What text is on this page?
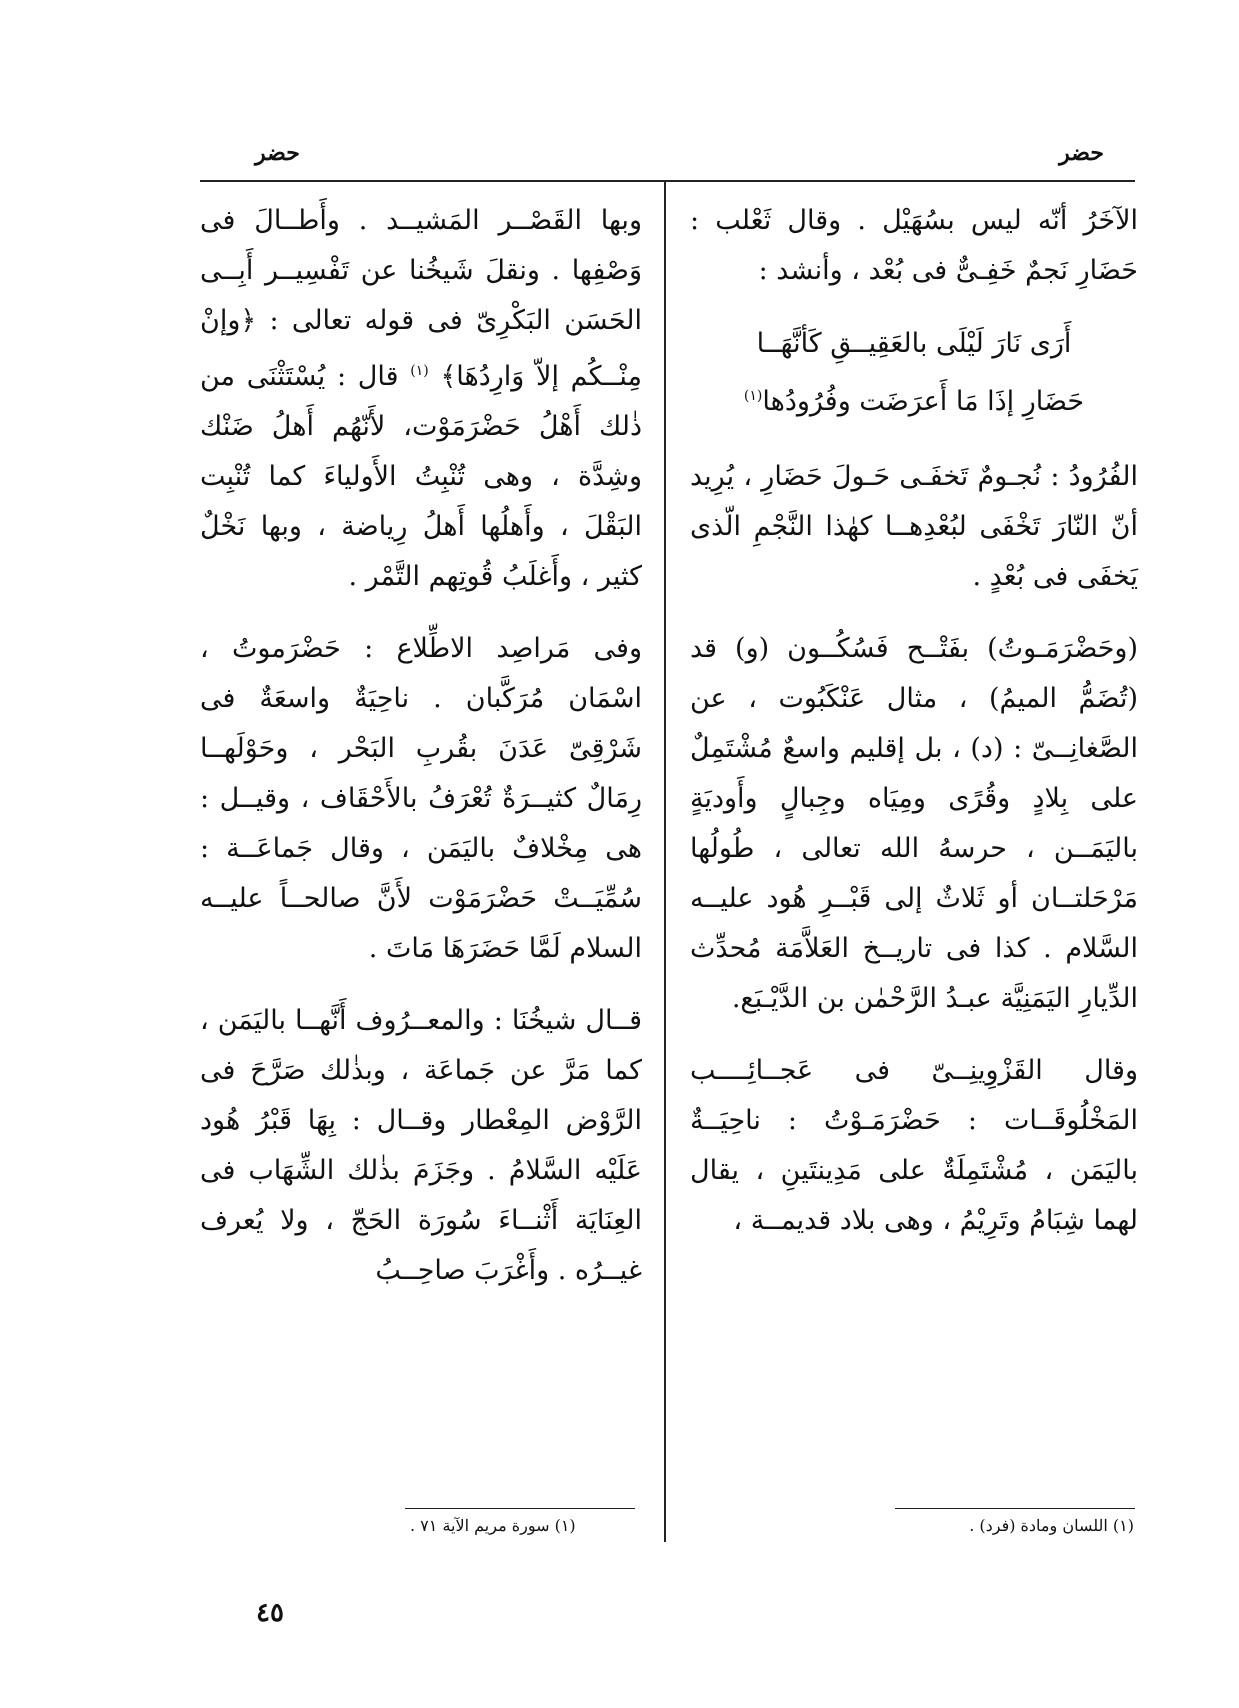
حضر
حضر

الآخَرُ أنّه ليس بسُهَيْل . وقال ثَعْلب : حَضَارِ نَجمٌ خَفِـىٌّ فى بُعْد ، وأنشد :

أَرَى نَارَ لَيْلَى بالعَقِيــقِ كَأنَّهَــا
حَضَارِ إذَا مَا أَعرَضَت وفُرُودُها$^{(١)}$

الفُرُودُ : نُجـومٌ تَخفَـى حَـولَ حَضَارِ ، يُرِيد أنّ النّارَ تَخْفَى لبُعْدِهــا كهٰذا النَّجْمِ الّذى يَخفَى فى بُعْدٍ .

(وحَضْرَمَـوتُ) بفَتْــح فَسُكُــون (و) قد (تُضَمُّ الميمُ) ، مثال عَنْكَبُوت ، عن الصَّغانِــىّ : (د) ، بل إقليم واسعٌ مُشْتَمِلٌ على بِلادٍ وقُرًى ومِيَاه وجِبالٍ وأَوديَةٍ باليَمَــن ، حرسهُ الله تعالى ، طُولُها مَرْحَلتــان أو ثَلاثٌ إلى قَبْــرِ هُود عليــه السَّلام . كذا فى تاريــخ العَلاَّمَة مُحدِّث الدِّيارِ اليَمَنِيَّة عبـدُ الرَّحْمٰن بن الدَّيْـبَع.

وقال القَزْوِينِــىّ فى عَجــائِــــب المَخْلُوقَــات : حَضْرَمَـوْتُ : ناحِيَــةٌ باليَمَن ، مُشْتَمِلَةٌ على مَدِينتَينِ ، يقال لهما شِبَامُ وتَرِيْمُ ، وهى بلاد قديمــة ،

وبها القَصْــر المَشيــد . وأَطــالَ فى وَصْفِها . ونقلَ شَيخُنا عن تَفْسِيــر أَبِــى الحَسَن البَكْرِىّ فى قوله تعالى : ﴿وإنْ مِنْــكُم إلاّ وَارِدُهَا﴾ $^{(١)}$ قال : يُسْتَثْنَى من ذٰلك أَهْلُ حَضْرَمَوْت، لأَنّهُم أَهلُ ضَنْك وشِدَّة ، وهى تُنْبِتُ الأَولياءَ كما تُنْبِت البَقْلَ ، وأَهلُها أَهلُ رِياضة ، وبها نَخْلٌ كثير ، وأَغلَبُ قُوتِهم التَّمْر .

وفى مَراصِد الاطِّلاع : حَضْرَموتُ ، اسْمَان مُرَكَّبان . ناحِيَةٌ واسعَةٌ فى شَرْقِىّ عَدَنَ بقُربِ البَحْر ، وحَوْلَهــا رِمَالٌ كثيــرَةٌ تُعْرَفُ بالأَحْقَاف ، وقيــل : هى مِخْلافٌ باليَمَن ، وقال جَماعَــة : سُمِّيَــتْ حَضْرَمَوْت لأَنَّ صالحــاً عليــه السلام لَمَّا حَضَرَهَا مَاتَ .

قــال شيخُنَا : والمعــرُوف أَنَّهــا باليَمَن ، كما مَرَّ عن جَماعَة ، وبذٰلك صَرَّحَ فى الرَّوْض المِعْطار وقــال : بِهَا قَبْرُ هُود عَلَيْه السَّلامُ . وجَزَمَ بذٰلك الشِّهَاب فى العِنَايَة أَثْنــاءَ سُورَة الحَجّ ، ولا يُعرف غيــرُه . وأَغْرَبَ صاحِــبُ

(١) اللسان ومادة (فرد) .
(١) سورة مريم الآية ٧١ .
٤٥
